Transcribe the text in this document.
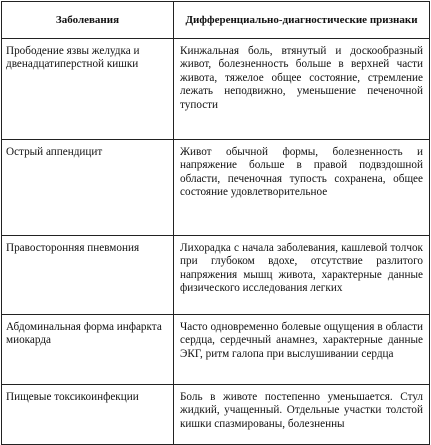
Заболевания	Дифференциально-диагностические признаки
Прободение язвы желудка и двенадцатиперстной кишки	Кинжальная боль, втянутый и доскообразный живот, болезненность больше в верхней части живота, тяжелое общее состояние, стремление лежать неподвижно, уменьшение печеночной тупости

Острый аппендицит	Живот обычной формы, болезненность и напряжение больше в правой подвздошной области, печеночная тупость сохранена, общее состояние удовлетворительное

Правосторонняя пневмония	Лихорадка с начала заболевания, кашлевой толчок при глубоком вдохе, отсутствие разлитого напряжения мышц живота, характерные данные физического исследования легких

Абдоминальная форма инфаркта миокарда	Часто одновременно болевые ощущения в области сердца, сердечный анамнез, характерные данные ЭКГ, ритм галопа при выслушивании сердца

Пищевые токсикоинфекции	Боль в животе постепенно уменьшается. Стул жидкий, учащенный. Отдельные участки толстой кишки спазмированы, болезненны
